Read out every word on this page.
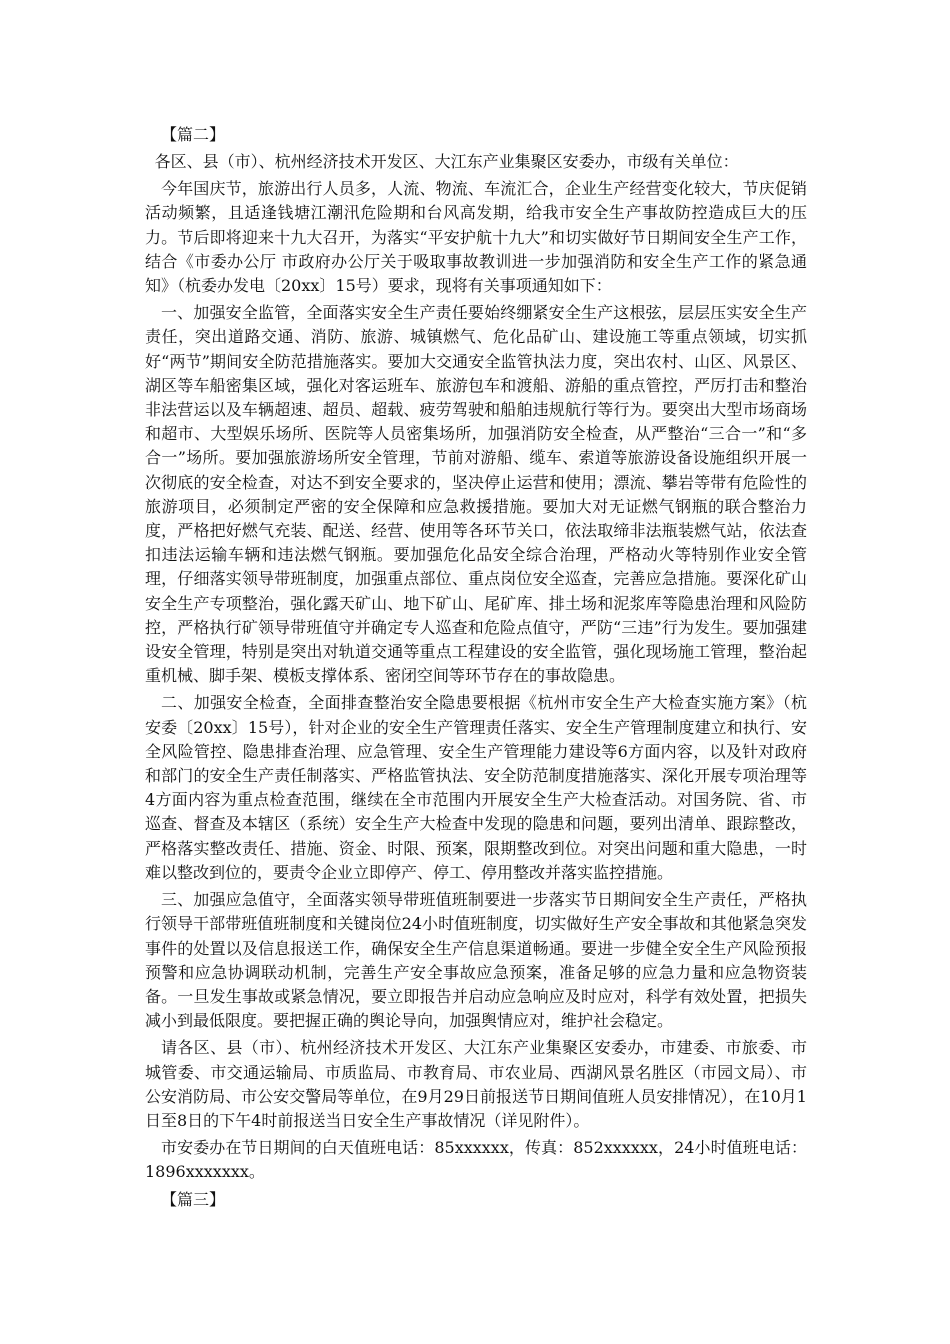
【篇二】

各区、县（市）、杭州经济技术开发区、大江东产业集聚区安委办，市级有关单位：

今年国庆节，旅游出行人员多，人流、物流、车流汇合，企业生产经营变化较大，节庆促销活动频繁，且适逢钱塘江潮汛危险期和台风高发期，给我市安全生产事故防控造成巨大的压力。节后即将迎来十九大召开，为落实“平安护航十九大”和切实做好节日期间安全生产工作，结合《市委办公厅 市政府办公厅关于吸取事故教训进一步加强消防和安全生产工作的紧急通知》（杭委办发电〔20xx〕15号）要求，现将有关事项通知如下：

一、加强安全监管，全面落实安全生产责任要始终绷紧安全生产这根弦，层层压实安全生产责任，突出道路交通、消防、旅游、城镇燃气、危化品矿山、建设施工等重点领域，切实抓好“两节”期间安全防范措施落实。要加大交通安全监管执法力度，突出农村、山区、风景区、湖区等车船密集区域，强化对客运班车、旅游包车和渡船、游船的重点管控，严厉打击和整治非法营运以及车辆超速、超员、超载、疲劳驾驶和船舶违规航行等行为。要突出大型市场商场和超市、大型娱乐场所、医院等人员密集场所，加强消防安全检查，从严整治“三合一”和“多合一”场所。要加强旅游场所安全管理，节前对游船、缆车、索道等旅游设备设施组织开展一次彻底的安全检查，对达不到安全要求的，坚决停止运营和使用；漂流、攀岩等带有危险性的旅游项目，必须制定严密的安全保障和应急救援措施。要加大对无证燃气钢瓶的联合整治力度，严格把好燃气充装、配送、经营、使用等各环节关口，依法取缔非法瓶装燃气站，依法查扣违法运输车辆和违法燃气钢瓶。要加强危化品安全综合治理，严格动火等特别作业安全管理，仔细落实领导带班制度，加强重点部位、重点岗位安全巡查，完善应急措施。要深化矿山安全生产专项整治，强化露天矿山、地下矿山、尾矿库、排土场和泥浆库等隐患治理和风险防控，严格执行矿领导带班值守并确定专人巡查和危险点值守，严防“三违”行为发生。要加强建设安全管理，特别是突出对轨道交通等重点工程建设的安全监管，强化现场施工管理，整治起重机械、脚手架、模板支撑体系、密闭空间等环节存在的事故隐患。

二、加强安全检查，全面排查整治安全隐患要根据《杭州市安全生产大检查实施方案》（杭安委〔20xx〕15号），针对企业的安全生产管理责任落实、安全生产管理制度建立和执行、安全风险管控、隐患排查治理、应急管理、安全生产管理能力建设等6方面内容，以及针对政府和部门的安全生产责任制落实、严格监管执法、安全防范制度措施落实、深化开展专项治理等4方面内容为重点检查范围，继续在全市范围内开展安全生产大检查活动。对国务院、省、市巡查、督查及本辖区（系统）安全生产大检查中发现的隐患和问题，要列出清单、跟踪整改，严格落实整改责任、措施、资金、时限、预案，限期整改到位。对突出问题和重大隐患，一时难以整改到位的，要责令企业立即停产、停工、停用整改并落实监控措施。

三、加强应急值守，全面落实领导带班值班制要进一步落实节日期间安全生产责任，严格执行领导干部带班值班制度和关键岗位24小时值班制度，切实做好生产安全事故和其他紧急突发事件的处置以及信息报送工作，确保安全生产信息渠道畅通。要进一步健全安全生产风险预报预警和应急协调联动机制，完善生产安全事故应急预案，准备足够的应急力量和应急物资装备。一旦发生事故或紧急情况，要立即报告并启动应急响应及时应对，科学有效处置，把损失减小到最低限度。要把握正确的舆论导向，加强舆情应对，维护社会稳定。

请各区、县（市）、杭州经济技术开发区、大江东产业集聚区安委办，市建委、市旅委、市城管委、市交通运输局、市质监局、市教育局、市农业局、西湖风景名胜区（市园文局）、市公安消防局、市公安交警局等单位，在9月29日前报送节日期间值班人员安排情况），在10月1日至8日的下午4时前报送当日安全生产事故情况（详见附件）。

市安委办在节日期间的白天值班电话：85xxxxxx，传真：852xxxxxx，24小时值班电话：1896xxxxxxx。

【篇三】
